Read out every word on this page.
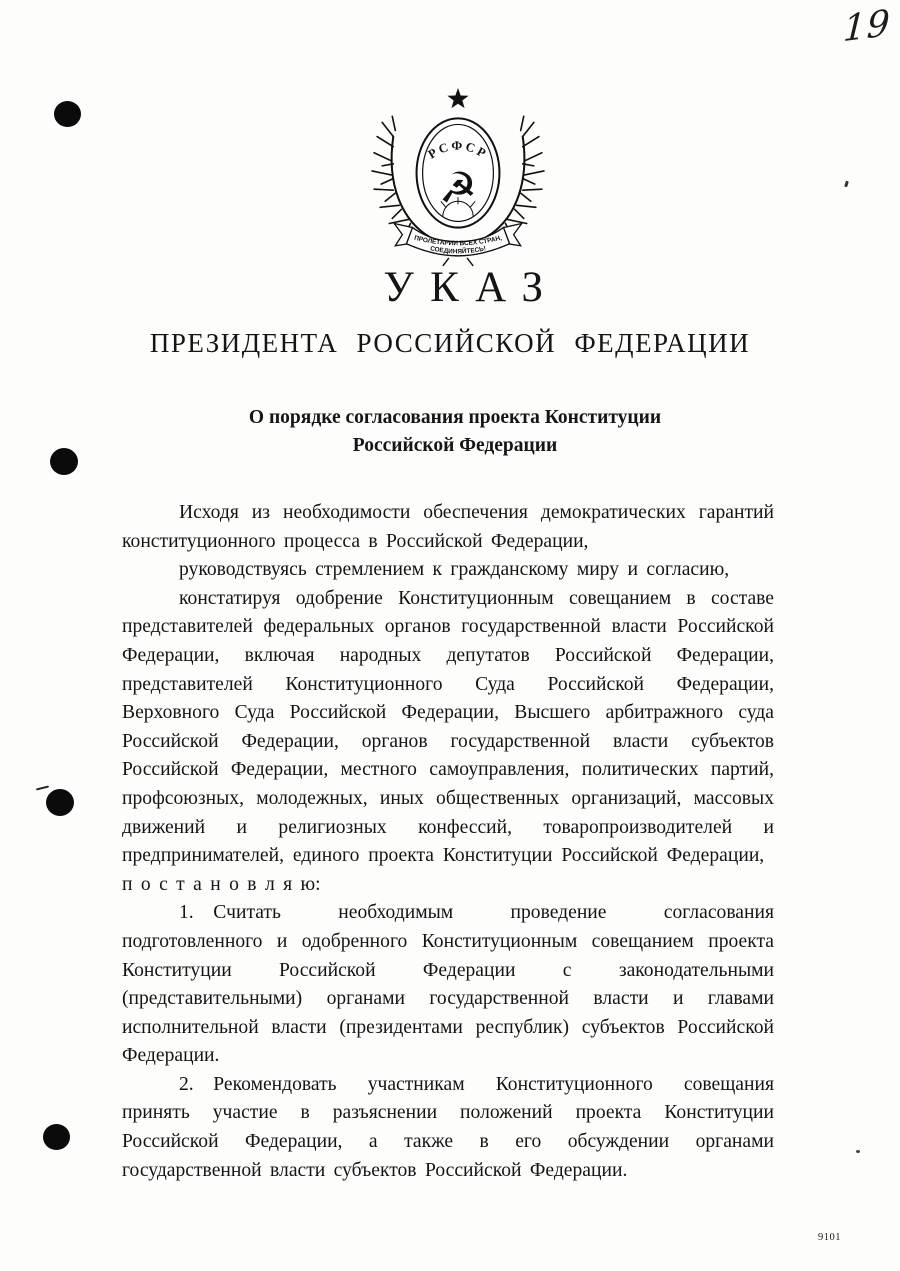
19
РСФСР
☭
ПРОЛЕТАРИИ ВСЕХ СТРАН,
СОЕДИНЯЙТЕСЬ!
УКАЗ
ПРЕЗИДЕНТА РОССИЙСКОЙ ФЕДЕРАЦИИ
О порядке согласования проекта Конституции
Российской Федерации

Исходя из необходимости обеспечения демократических гарантий конституционного процесса в Российской Федерации,

руководствуясь стремлением к гражданскому миру и согласию,

констатируя одобрение Конституционным совещанием в составе представителей федеральных органов государственной власти Российской Федерации, включая народных депутатов Российской Федерации, представителей Конституционного Суда Российской Федерации, Верховного Суда Российской Федерации, Высшего арбитражного суда Российской Федерации, органов государственной власти субъектов Российской Федерации, местного самоуправления, политических партий, профсоюзных, молодежных, иных общественных организаций, массовых движений и религиозных конфессий, товаропроизводителей и предпринимателей, единого проекта Конституции Российской Федерации, п о с т а н о в л я ю:

1. Считать необходимым проведение согласования подготовленного и одобренного Конституционным совещанием проекта Конституции Российской Федерации с законодательными (представительными) органами государственной власти и главами исполнительной власти (президентами республик) субъектов Российской Федерации.

2. Рекомендовать участникам Конституционного совещания принять участие в разъяснении положений проекта Конституции Российской Федерации, а также в его обсуждении органами государственной власти субъектов Российской Федерации.

9101
